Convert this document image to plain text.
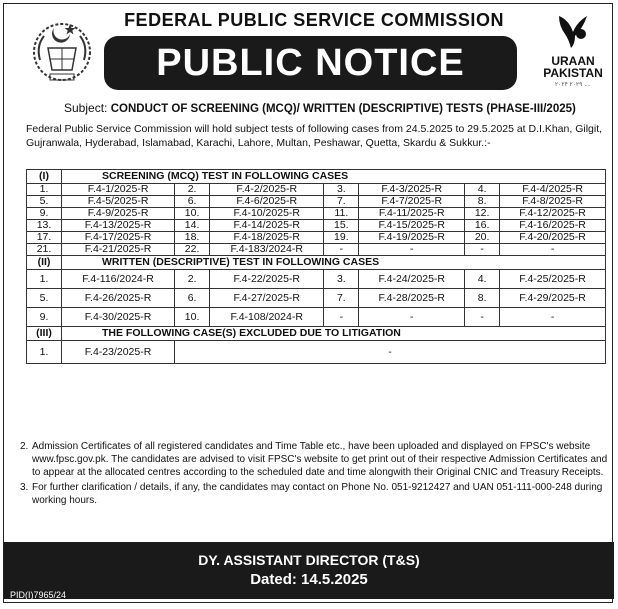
FEDERAL PUBLIC SERVICE COMMISSION
PUBLIC NOTICE	URAAN
PAKISTAN
۲۰۲۴ ۔۔ ۲۰۲۹
Subject: CONDUCT OF SCREENING (MCQ)/ WRITTEN (DESCRIPTIVE) TESTS (PHASE-III/2025)
Federal Public Service Commission will hold subject tests of following cases from 24.5.2025 to 29.5.2025 at D.I.Khan, Gilgit, Gujranwala, Hyderabad, Islamabad, Karachi, Lahore, Multan, Peshawar, Quetta, Skardu & Sukkur.:-
(I)	SCREENING (MCQ) TEST IN FOLLOWING CASES						
1.	F.4-1/2025-R	2.	F.4-2/2025-R	3.	F.4-3/2025-R	4.	F.4-4/2025-R
5.	F.4-5/2025-R	6.	F.4-6/2025-R	7.	F.4-7/2025-R	8.	F.4-8/2025-R
9.	F.4-9/2025-R	10.	F.4-10/2025-R	11.	F.4-11/2025-R	12.	F.4-12/2025-R
13.	F.4-13/2025-R	14.	F.4-14/2025-R	15.	F.4-15/2025-R	16.	F.4-16/2025-R
17.	F.4-17/2025-R	18.	F.4-18/2025-R	19.	F.4-19/2025-R	20.	F.4-20/2025-R
21.	F.4-21/2025-R	22.	F.4-183/2024-R	-	-	-	-
(II)	WRITTEN (DESCRIPTIVE) TEST IN FOLLOWING CASES						
1.	F.4-116/2024-R	2.	F.4-22/2025-R	3.	F.4-24/2025-R	4.	F.4-25/2025-R
5.	F.4-26/2025-R	6.	F.4-27/2025-R	7.	F.4-28/2025-R	8.	F.4-29/2025-R
9.	F.4-30/2025-R	10.	F.4-108/2024-R	-	-	-	-
(III)	THE FOLLOWING CASE(S) EXCLUDED DUE TO LITIGATION						
1.	F.4-23/2025-R	-					
2. Admission Certificates of all registered candidates and Time Table etc., have been uploaded and displayed on FPSC's website www.fpsc.gov.pk. The candidates are advised to visit FPSC's website to get print out of their respective Admission Certificates and to appear at the allocated centres according to the scheduled date and time alongwith their Original CNIC and Treasury Receipts.
3. For further clarification / details, if any, the candidates may contact on Phone No. 051-9212427 and UAN 051-111-000-248 during working hours.
DY. ASSISTANT DIRECTOR (T&S)
Dated: 14.5.2025
PID(I)7965/24
